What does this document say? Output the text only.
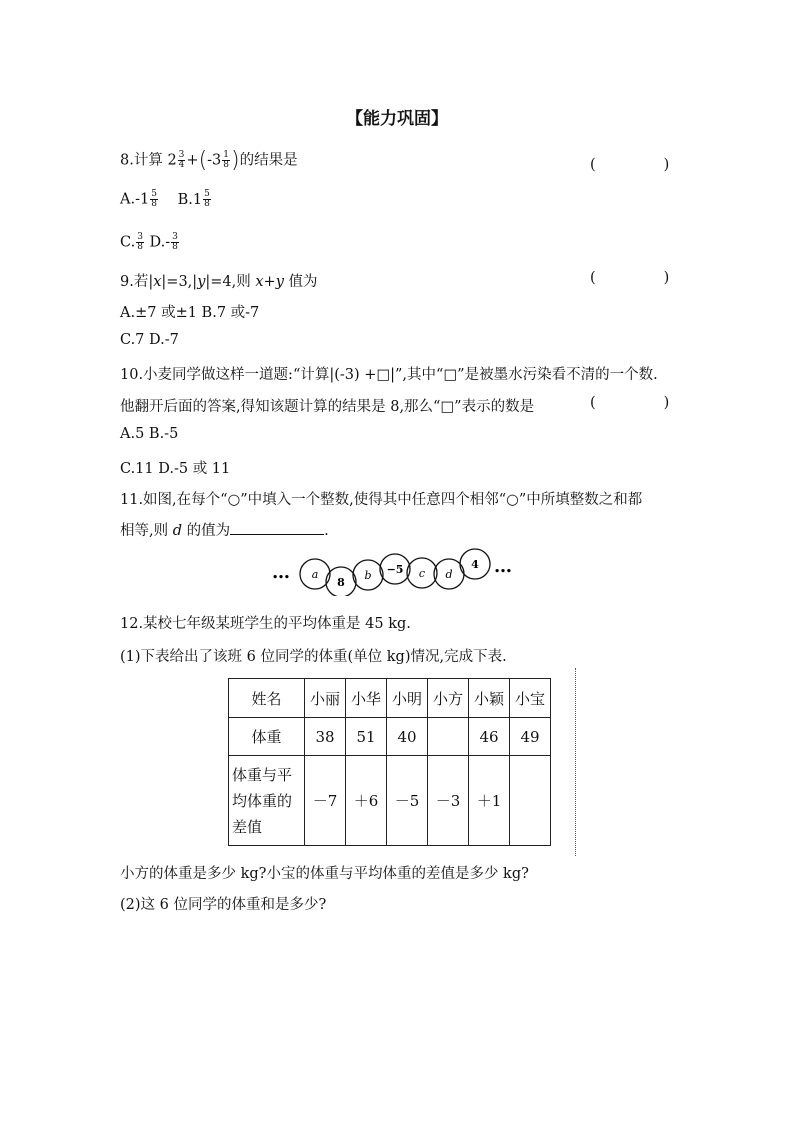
【能力巩固】
8.计算 $2 \frac{3}{4} +(-3 \frac{1}{8}$ )的结果是	(	)
$A.-1 \frac{5}{8} B.1 \frac{5}{8}$
C. $\frac{3}{8} D.- \frac{3}{8}$
9.若|x|=3,|y|=4,则 x+y 值为	(	)
A.±7 或±1 B.7 或-7
C.7 D.-7
10.小麦同学做这样一道题:“计算|(-3) +□|”,其中“□”是被墨水污染看不清的一个数.
他翻开后面的答案,得知该题计算的结果是 8,那么“□”表示的数是	(	)
A.5 B.-5
C.11 D.-5 或 11
11.如图,在每个“○”中填入一个整数,使得其中任意四个相邻“○”中所填整数之和都
相等,则 d 的值为	.
… a
8
b −5 c d
4 …
12.某校七年级某班学生的平均体重是 45 kg.
(1)下表给出了该班 6 位同学的体重(单位 kg)情况,完成下表.
姓名	小丽	小华	小明	小方	小颖	小宝
体重	38	51	40		46	49

体重与平均体重的差值	－7	＋6	－5	－3	＋1	
小方的体重是多少 kg?小宝的体重与平均体重的差值是多少 kg?
(2)这 6 位同学的体重和是多少?
